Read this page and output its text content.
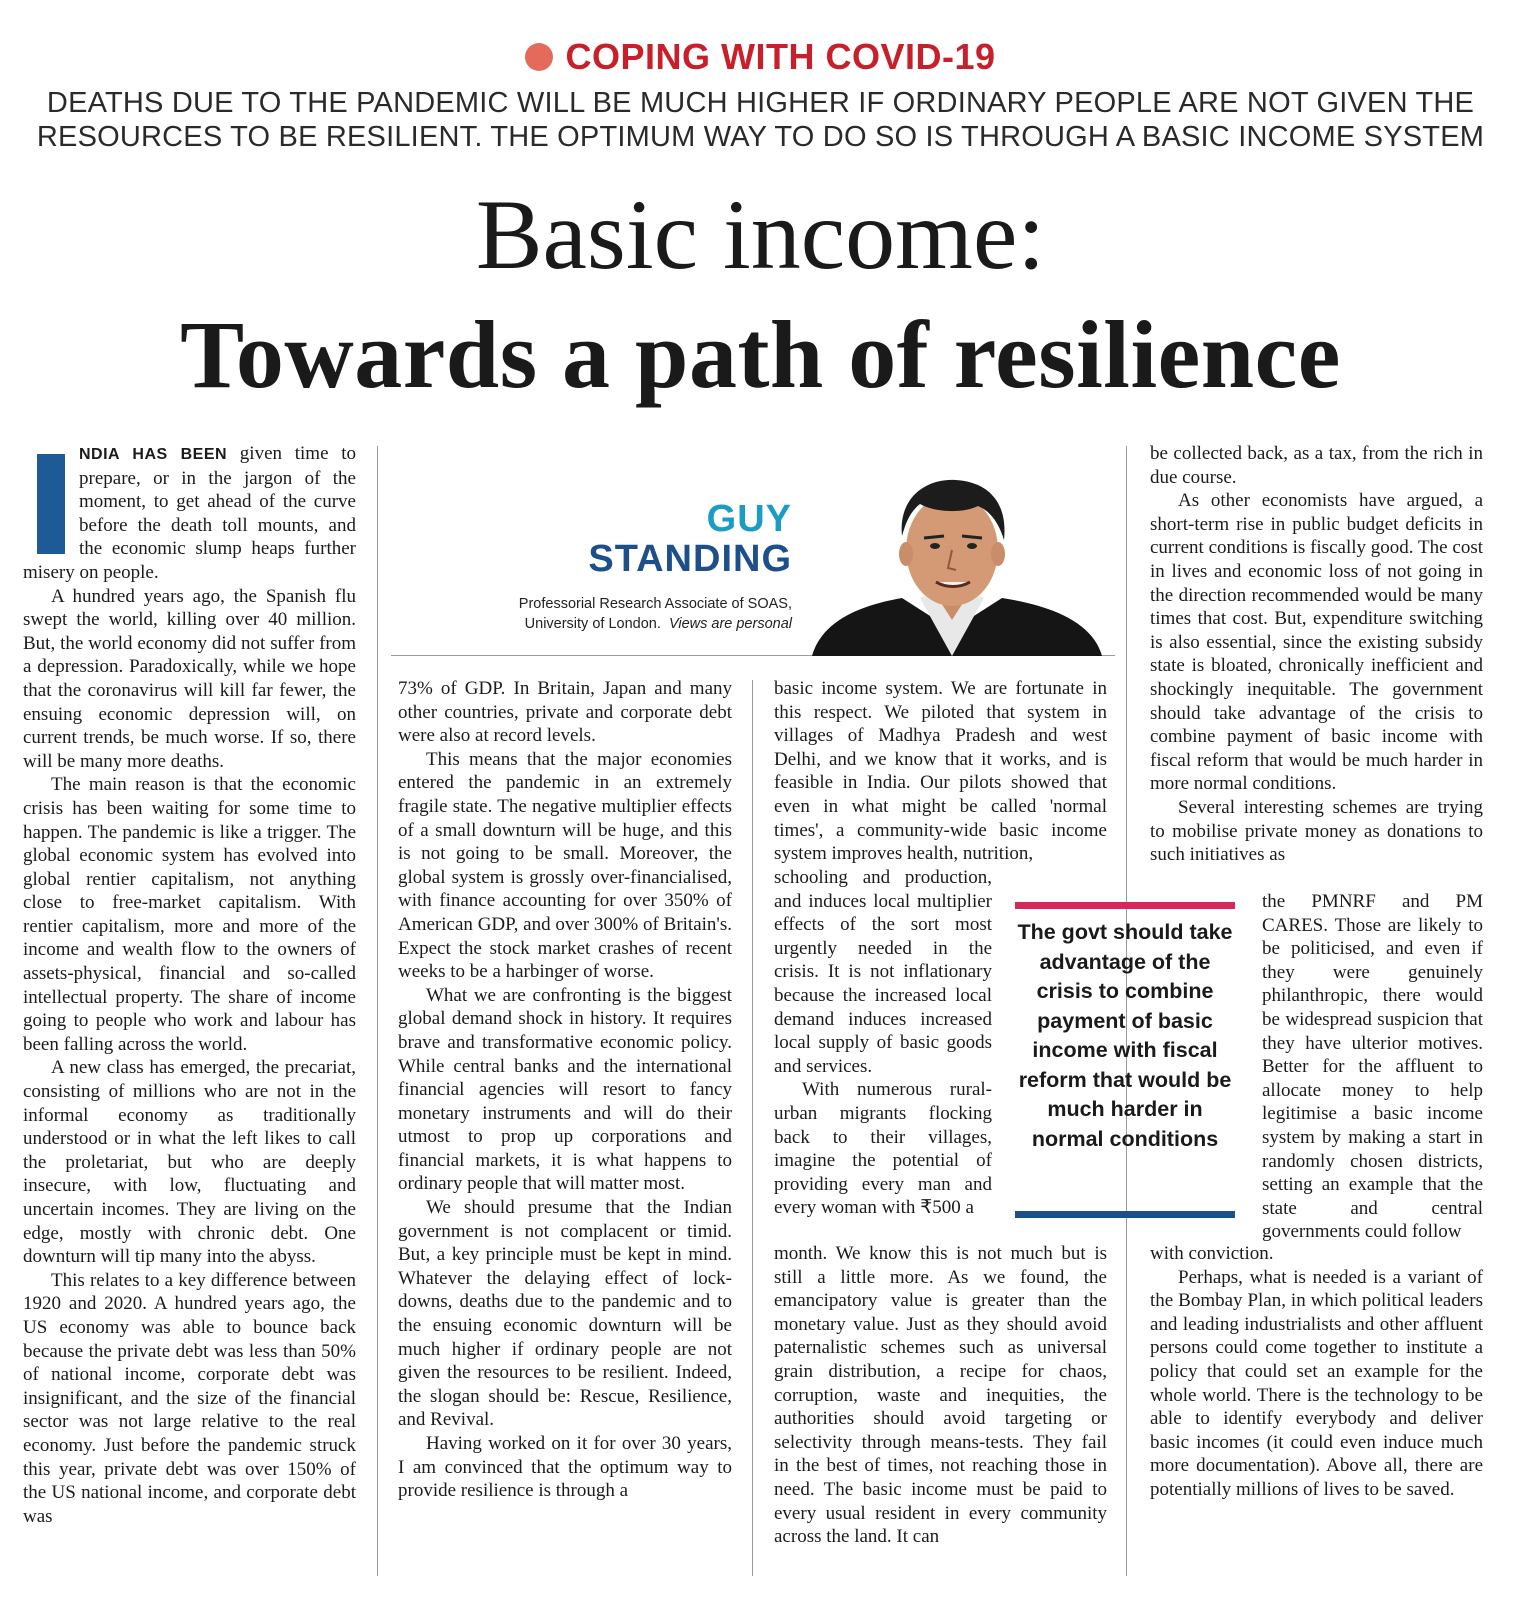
COPING WITH COVID-19
DEATHS DUE TO THE PANDEMIC WILL BE MUCH HIGHER IF ORDINARY PEOPLE ARE NOT GIVEN THE RESOURCES TO BE RESILIENT. THE OPTIMUM WAY TO DO SO IS THROUGH A BASIC INCOME SYSTEM
Basic income:
Towards a path of resilience

NDIA HAS BEEN given time to prepare, or in the jargon of the moment, to get ahead of the curve before the death toll mounts, and the economic slump heaps further misery on people.

A hundred years ago, the Spanish flu swept the world, killing over 40 million. But, the world economy did not suffer from a depression. Paradoxically, while we hope that the coronavirus will kill far fewer, the ensuing economic depression will, on current trends, be much worse. If so, there will be many more deaths.

The main reason is that the economic crisis has been waiting for some time to happen. The pandemic is like a trigger. The global economic system has evolved into global rentier capitalism, not anything close to free-market capitalism. With rentier capitalism, more and more of the income and wealth flow to the owners of assets-physical, financial and so-called intellectual property. The share of income going to people who work and labour has been falling across the world.

A new class has emerged, the precariat, consisting of millions who are not in the informal economy as traditionally understood or in what the left likes to call the proletariat, but who are deeply insecure, with low, fluctuating and uncertain incomes. They are living on the edge, mostly with chronic debt. One downturn will tip many into the abyss.

This relates to a key difference between 1920 and 2020. A hundred years ago, the US economy was able to bounce back because the private debt was less than 50% of national income, corporate debt was insignificant, and the size of the financial sector was not large relative to the real economy. Just before the pandemic struck this year, private debt was over 150% of the US national income, and corporate debt was

GUY
STANDING
Professorial Research Associate of SOAS,
University of London. Views are personal

73% of GDP. In Britain, Japan and many other countries, private and corporate debt were also at record levels.

This means that the major economies entered the pandemic in an extremely fragile state. The negative multiplier effects of a small downturn will be huge, and this is not going to be small. Moreover, the global system is grossly over-financialised, with finance accounting for over 350% of American GDP, and over 300% of Britain's. Expect the stock market crashes of recent weeks to be a harbinger of worse.

What we are confronting is the biggest global demand shock in history. It requires brave and transformative economic policy. While central banks and the international financial agencies will resort to fancy monetary instruments and will do their utmost to prop up corporations and financial markets, it is what happens to ordinary people that will matter most.

We should presume that the Indian government is not complacent or timid. But, a key principle must be kept in mind. Whatever the delaying effect of lock-downs, deaths due to the pandemic and to the ensuing economic downturn will be much higher if ordinary people are not given the resources to be resilient. Indeed, the slogan should be: Rescue, Resilience, and Revival.

Having worked on it for over 30 years, I am convinced that the optimum way to provide resilience is through a

basic income system. We are fortunate in this respect. We piloted that system in villages of Madhya Pradesh and west Delhi, and we know that it works, and is feasible in India. Our pilots showed that even in what might be called 'normal times', a community-wide basic income system improves health, nutrition,

schooling and production, and induces local multiplier effects of the sort most urgently needed in the crisis. It is not inflationary because the increased local demand induces increased local supply of basic goods and services.

With numerous rural-urban migrants flocking back to their villages, imagine the potential of providing every man and every woman with ₹500 a

month. We know this is not much but is still a little more. As we found, the emancipatory value is greater than the monetary value. Just as they should avoid paternalistic schemes such as universal grain distribution, a recipe for chaos, corruption, waste and inequities, the authorities should avoid targeting or selectivity through means-tests. They fail in the best of times, not reaching those in need. The basic income must be paid to every usual resident in every community across the land. It can

The govt should take advantage of the crisis to combine payment of basic income with fiscal reform that would be much harder in normal conditions

be collected back, as a tax, from the rich in due course.

As other economists have argued, a short-term rise in public budget deficits in current conditions is fiscally good. The cost in lives and economic loss of not going in the direction recommended would be many times that cost. But, expenditure switching is also essential, since the existing subsidy state is bloated, chronically inefficient and shockingly inequitable. The government should take advantage of the crisis to combine payment of basic income with fiscal reform that would be much harder in more normal conditions.

Several interesting schemes are trying to mobilise private money as donations to such initiatives as

the PMNRF and PM CARES. Those are likely to be politicised, and even if they were genuinely philanthropic, there would be widespread suspicion that they have ulterior motives. Better for the affluent to allocate money to help legitimise a basic income system by making a start in randomly chosen districts, setting an example that the state and central governments could follow

with conviction.

Perhaps, what is needed is a variant of the Bombay Plan, in which political leaders and leading industrialists and other affluent persons could come together to institute a policy that could set an example for the whole world. There is the technology to be able to identify everybody and deliver basic incomes (it could even induce much more documentation). Above all, there are potentially millions of lives to be saved.
